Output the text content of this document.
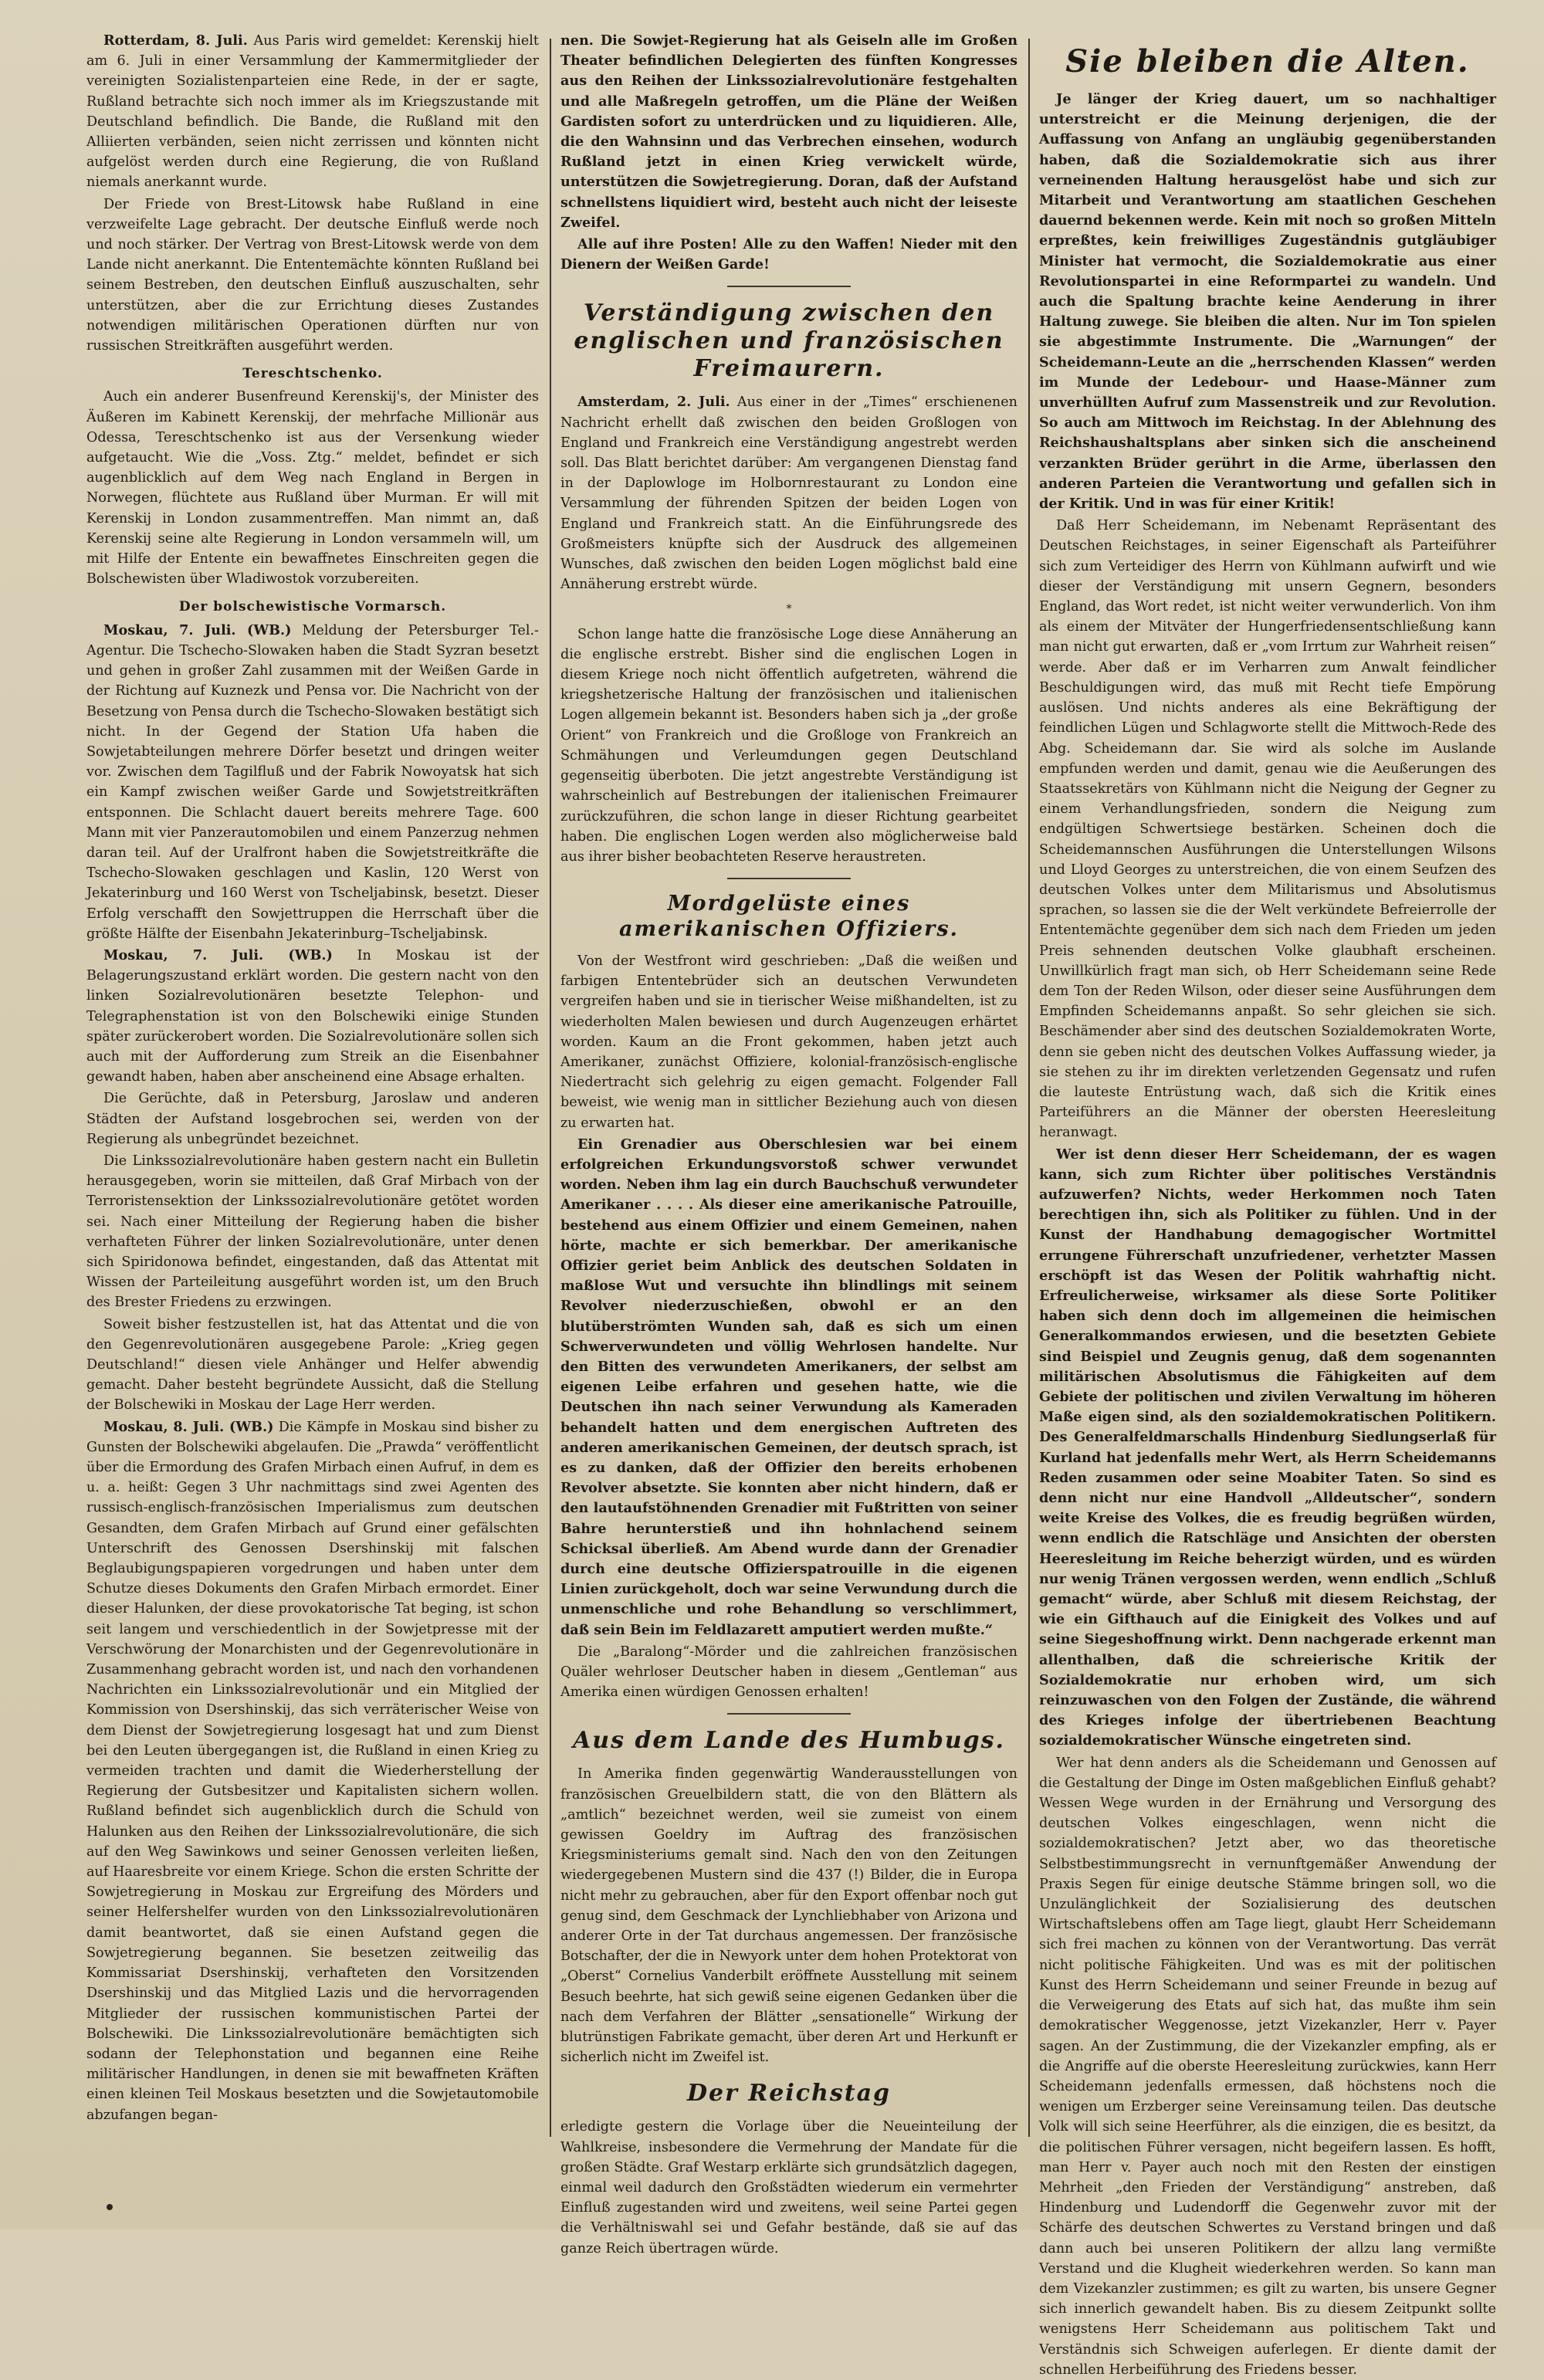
Rotterdam, 8. Juli. Aus Paris wird gemeldet: Kerenskij hielt am 6. Juli in einer Versammlung der Kammermitglieder der vereinigten Sozialistenparteien eine Rede, in der er sagte, Rußland betrachte sich noch immer als im Kriegszustande mit Deutschland befindlich. Die Bande, die Rußland mit den Alliierten verbänden, seien nicht zerrissen und könnten nicht aufgelöst werden durch eine Regierung, die von Rußland niemals anerkannt wurde.

Der Friede von Brest-Litowsk habe Rußland in eine verzweifelte Lage gebracht. Der deutsche Einfluß werde noch und noch stärker. Der Vertrag von Brest-Litowsk werde von dem Lande nicht anerkannt. Die Ententemächte könnten Rußland bei seinem Bestreben, den deutschen Einfluß auszuschalten, sehr unterstützen, aber die zur Errichtung dieses Zustandes notwendigen militärischen Operationen dürften nur von russischen Streitkräften ausgeführt werden.

Tereschtschenko.

Auch ein anderer Busenfreund Kerenskij's, der Minister des Äußeren im Kabinett Kerenskij, der mehrfache Millionär aus Odessa, Tereschtschenko ist aus der Versenkung wieder aufgetaucht. Wie die „Voss. Ztg.“ meldet, befindet er sich augenblicklich auf dem Weg nach England in Bergen in Norwegen, flüchtete aus Rußland über Murman. Er will mit Kerenskij in London zusammentreffen. Man nimmt an, daß Kerenskij seine alte Regierung in London versammeln will, um mit Hilfe der Entente ein bewaffnetes Einschreiten gegen die Bolschewisten über Wladiwostok vorzubereiten.

Der bolschewistische Vormarsch.

Moskau, 7. Juli. (WB.) Meldung der Petersburger Tel.-Agentur. Die Tschecho-Slowaken haben die Stadt Syzran besetzt und gehen in großer Zahl zusammen mit der Weißen Garde in der Richtung auf Kuznezk und Pensa vor. Die Nachricht von der Besetzung von Pensa durch die Tschecho-Slowaken bestätigt sich nicht. In der Gegend der Station Ufa haben die Sowjetabteilungen mehrere Dörfer besetzt und dringen weiter vor. Zwischen dem Tagilfluß und der Fabrik Nowoyatsk hat sich ein Kampf zwischen weißer Garde und Sowjetstreitkräften entsponnen. Die Schlacht dauert bereits mehrere Tage. 600 Mann mit vier Panzerautomobilen und einem Panzerzug nehmen daran teil. Auf der Uralfront haben die Sowjetstreitkräfte die Tschecho-Slowaken geschlagen und Kaslin, 120 Werst von Jekaterinburg und 160 Werst von Tscheljabinsk, besetzt. Dieser Erfolg verschafft den Sowjettruppen die Herrschaft über die größte Hälfte der Eisenbahn Jekaterinburg–Tscheljabinsk.

Moskau, 7. Juli. (WB.) In Moskau ist der Belagerungszustand erklärt worden. Die gestern nacht von den linken Sozialrevolutionären besetzte Telephon- und Telegraphenstation ist von den Bolschewiki einige Stunden später zurückerobert worden. Die Sozialrevolutionäre sollen sich auch mit der Aufforderung zum Streik an die Eisenbahner gewandt haben, haben aber anscheinend eine Absage erhalten.

Die Gerüchte, daß in Petersburg, Jaroslaw und anderen Städten der Aufstand losgebrochen sei, werden von der Regierung als unbegründet bezeichnet.

Die Linkssozialrevolutionäre haben gestern nacht ein Bulletin herausgegeben, worin sie mitteilen, daß Graf Mirbach von der Terroristensektion der Linkssozialrevolutionäre getötet worden sei. Nach einer Mitteilung der Regierung haben die bisher verhafteten Führer der linken Sozialrevolutionäre, unter denen sich Spiridonowa befindet, eingestanden, daß das Attentat mit Wissen der Parteileitung ausgeführt worden ist, um den Bruch des Brester Friedens zu erzwingen.

Soweit bisher festzustellen ist, hat das Attentat und die von den Gegenrevolutionären ausgegebene Parole: „Krieg gegen Deutschland!“ diesen viele Anhänger und Helfer abwendig gemacht. Daher besteht begründete Aussicht, daß die Stellung der Bolschewiki in Moskau der Lage Herr werden.

Moskau, 8. Juli. (WB.) Die Kämpfe in Moskau sind bisher zu Gunsten der Bolschewiki abgelaufen. Die „Prawda“ veröffentlicht über die Ermordung des Grafen Mirbach einen Aufruf, in dem es u. a. heißt: Gegen 3 Uhr nachmittags sind zwei Agenten des russisch-englisch-französischen Imperialismus zum deutschen Gesandten, dem Grafen Mirbach auf Grund einer gefälschten Unterschrift des Genossen Dsershinskij mit falschen Beglaubigungspapieren vorgedrungen und haben unter dem Schutze dieses Dokuments den Grafen Mirbach ermordet. Einer dieser Halunken, der diese provokatorische Tat beging, ist schon seit langem und verschiedentlich in der Sowjetpresse mit der Verschwörung der Monarchisten und der Gegenrevolutionäre in Zusammenhang gebracht worden ist, und nach den vorhandenen Nachrichten ein Linkssozialrevolutionär und ein Mitglied der Kommission von Dsershinskij, das sich verräterischer Weise von dem Dienst der Sowjetregierung losgesagt hat und zum Dienst bei den Leuten übergegangen ist, die Rußland in einen Krieg zu vermeiden trachten und damit die Wiederherstellung der Regierung der Gutsbesitzer und Kapitalisten sichern wollen. Rußland befindet sich augenblicklich durch die Schuld von Halunken aus den Reihen der Linkssozialrevolutionäre, die sich auf den Weg Sawinkows und seiner Genossen verleiten ließen, auf Haaresbreite vor einem Kriege. Schon die ersten Schritte der Sowjetregierung in Moskau zur Ergreifung des Mörders und seiner Helfershelfer wurden von den Linkssozialrevolutionären damit beantwortet, daß sie einen Aufstand gegen die Sowjetregierung begannen. Sie besetzen zeitweilig das Kommissariat Dsershinskij, verhafteten den Vorsitzenden Dsershinskij und das Mitglied Lazis und die hervorragenden Mitglieder der russischen kommunistischen Partei der Bolschewiki. Die Linkssozialrevolutionäre bemächtigten sich sodann der Telephonstation und begannen eine Reihe militärischer Handlungen, in denen sie mit bewaffneten Kräften einen kleinen Teil Moskaus besetzten und die Sowjetautomobile abzufangen began-

nen. Die Sowjet-Regierung hat als Geiseln alle im Großen Theater befindlichen Delegierten des fünften Kongresses aus den Reihen der Linkssozialrevolutionäre festgehalten und alle Maßregeln getroffen, um die Pläne der Weißen Gardisten sofort zu unterdrücken und zu liquidieren. Alle, die den Wahnsinn und das Verbrechen einsehen, wodurch Rußland jetzt in einen Krieg verwickelt würde, unterstützen die Sowjetregierung. Doran, daß der Aufstand schnellstens liquidiert wird, besteht auch nicht der leiseste Zweifel.

Alle auf ihre Posten! Alle zu den Waffen! Nieder mit den Dienern der Weißen Garde!

Verständigung zwischen den englischen und französischen Freimaurern.

Amsterdam, 2. Juli. Aus einer in der „Times“ erschienenen Nachricht erhellt daß zwischen den beiden Großlogen von England und Frankreich eine Verständigung angestrebt werden soll. Das Blatt berichtet darüber: Am vergangenen Dienstag fand in der Daplowloge im Holbornrestaurant zu London eine Versammlung der führenden Spitzen der beiden Logen von England und Frankreich statt. An die Einführungsrede des Großmeisters knüpfte sich der Ausdruck des allgemeinen Wunsches, daß zwischen den beiden Logen möglichst bald eine Annäherung erstrebt würde.

*

Schon lange hatte die französische Loge diese Annäherung an die englische erstrebt. Bisher sind die englischen Logen in diesem Kriege noch nicht öffentlich aufgetreten, während die kriegshetzerische Haltung der französischen und italienischen Logen allgemein bekannt ist. Besonders haben sich ja „der große Orient“ von Frankreich und die Großloge von Frankreich an Schmähungen und Verleumdungen gegen Deutschland gegenseitig überboten. Die jetzt angestrebte Verständigung ist wahrscheinlich auf Bestrebungen der italienischen Freimaurer zurückzuführen, die schon lange in dieser Richtung gearbeitet haben. Die englischen Logen werden also möglicherweise bald aus ihrer bisher beobachteten Reserve heraustreten.

Mordgelüste eines amerikanischen Offiziers.

Von der Westfront wird geschrieben: „Daß die weißen und farbigen Ententebrüder sich an deutschen Verwundeten vergreifen haben und sie in tierischer Weise mißhandelten, ist zu wiederholten Malen bewiesen und durch Augenzeugen erhärtet worden. Kaum an die Front gekommen, haben jetzt auch Amerikaner, zunächst Offiziere, kolonial-französisch-englische Niedertracht sich gelehrig zu eigen gemacht. Folgender Fall beweist, wie wenig man in sittlicher Beziehung auch von diesen zu erwarten hat.

Ein Grenadier aus Oberschlesien war bei einem erfolgreichen Erkundungsvorstoß schwer verwundet worden. Neben ihm lag ein durch Bauchschuß verwundeter Amerikaner . . . . Als dieser eine amerikanische Patrouille, bestehend aus einem Offizier und einem Gemeinen, nahen hörte, machte er sich bemerkbar. Der amerikanische Offizier geriet beim Anblick des deutschen Soldaten in maßlose Wut und versuchte ihn blindlings mit seinem Revolver niederzuschießen, obwohl er an den blutüberströmten Wunden sah, daß es sich um einen Schwerverwundeten und völlig Wehrlosen handelte. Nur den Bitten des verwundeten Amerikaners, der selbst am eigenen Leibe erfahren und gesehen hatte, wie die Deutschen ihn nach seiner Verwundung als Kameraden behandelt hatten und dem energischen Auftreten des anderen amerikanischen Gemeinen, der deutsch sprach, ist es zu danken, daß der Offizier den bereits erhobenen Revolver absetzte. Sie konnten aber nicht hindern, daß er den lautaufstöhnenden Grenadier mit Fußtritten von seiner Bahre herunterstieß und ihn hohnlachend seinem Schicksal überließ. Am Abend wurde dann der Grenadier durch eine deutsche Offizierspatrouille in die eigenen Linien zurückgeholt, doch war seine Verwundung durch die unmenschliche und rohe Behandlung so verschlimmert, daß sein Bein im Feldlazarett amputiert werden mußte.“

Die „Baralong“-Mörder und die zahlreichen französischen Quäler wehrloser Deutscher haben in diesem „Gentleman“ aus Amerika einen würdigen Genossen erhalten!

Aus dem Lande des Humbugs.

In Amerika finden gegenwärtig Wanderausstellungen von französischen Greuelbildern statt, die von den Blättern als „amtlich“ bezeichnet werden, weil sie zumeist von einem gewissen Goeldry im Auftrag des französischen Kriegsministeriums gemalt sind. Nach den von den Zeitungen wiedergegebenen Mustern sind die 437 (!) Bilder, die in Europa nicht mehr zu gebrauchen, aber für den Export offenbar noch gut genug sind, dem Geschmack der Lynchliebhaber von Arizona und anderer Orte in der Tat durchaus angemessen. Der französische Botschafter, der die in Newyork unter dem hohen Protektorat von „Oberst“ Cornelius Vanderbilt eröffnete Ausstellung mit seinem Besuch beehrte, hat sich gewiß seine eigenen Gedanken über die nach dem Verfahren der Blätter „sensationelle“ Wirkung der blutrünstigen Fabrikate gemacht, über deren Art und Herkunft er sicherlich nicht im Zweifel ist.

Der Reichstag

erledigte gestern die Vorlage über die Neueinteilung der Wahlkreise, insbesondere die Vermehrung der Mandate für die großen Städte. Graf Westarp erklärte sich grundsätzlich dagegen, einmal weil dadurch den Großstädten wiederum ein vermehrter Einfluß zugestanden wird und zweitens, weil seine Partei gegen die Verhältniswahl sei und Gefahr bestände, daß sie auf das ganze Reich übertragen würde.

Sie bleiben die Alten.

Je länger der Krieg dauert, um so nachhaltiger unterstreicht er die Meinung derjenigen, die der Auffassung von Anfang an ungläubig gegenüberstanden haben, daß die Sozialdemokratie sich aus ihrer verneinenden Haltung herausgelöst habe und sich zur Mitarbeit und Verantwortung am staatlichen Geschehen dauernd bekennen werde. Kein mit noch so großen Mitteln erpreßtes, kein freiwilliges Zugeständnis gutgläubiger Minister hat vermocht, die Sozialdemokratie aus einer Revolutionspartei in eine Reformpartei zu wandeln. Und auch die Spaltung brachte keine Aenderung in ihrer Haltung zuwege. Sie bleiben die alten. Nur im Ton spielen sie abgestimmte Instrumente. Die „Warnungen“ der Scheidemann-Leute an die „herrschenden Klassen“ werden im Munde der Ledebour- und Haase-Männer zum unverhüllten Aufruf zum Massenstreik und zur Revolution. So auch am Mittwoch im Reichstag. In der Ablehnung des Reichshaushaltsplans aber sinken sich die anscheinend verzankten Brüder gerührt in die Arme, überlassen den anderen Parteien die Verantwortung und gefallen sich in der Kritik. Und in was für einer Kritik!

Daß Herr Scheidemann, im Nebenamt Repräsentant des Deutschen Reichstages, in seiner Eigenschaft als Parteiführer sich zum Verteidiger des Herrn von Kühlmann aufwirft und wie dieser der Verständigung mit unsern Gegnern, besonders England, das Wort redet, ist nicht weiter verwunderlich. Von ihm als einem der Mitväter der Hungerfriedensentschließung kann man nicht gut erwarten, daß er „vom Irrtum zur Wahrheit reisen“ werde. Aber daß er im Verharren zum Anwalt feindlicher Beschuldigungen wird, das muß mit Recht tiefe Empörung auslösen. Und nichts anderes als eine Bekräftigung der feindlichen Lügen und Schlagworte stellt die Mittwoch-Rede des Abg. Scheidemann dar. Sie wird als solche im Auslande empfunden werden und damit, genau wie die Aeußerungen des Staatssekretärs von Kühlmann nicht die Neigung der Gegner zu einem Verhandlungsfrieden, sondern die Neigung zum endgültigen Schwertsiege bestärken. Scheinen doch die Scheidemannschen Ausführungen die Unterstellungen Wilsons und Lloyd Georges zu unterstreichen, die von einem Seufzen des deutschen Volkes unter dem Militarismus und Absolutismus sprachen, so lassen sie die der Welt verkündete Befreierrolle der Ententemächte gegenüber dem sich nach dem Frieden um jeden Preis sehnenden deutschen Volke glaubhaft erscheinen. Unwillkürlich fragt man sich, ob Herr Scheidemann seine Rede dem Ton der Reden Wilson, oder dieser seine Ausführungen dem Empfinden Scheidemanns anpaßt. So sehr gleichen sie sich. Beschämender aber sind des deutschen Sozialdemokraten Worte, denn sie geben nicht des deutschen Volkes Auffassung wieder, ja sie stehen zu ihr im direkten verletzenden Gegensatz und rufen die lauteste Entrüstung wach, daß sich die Kritik eines Parteiführers an die Männer der obersten Heeresleitung heranwagt.

Wer ist denn dieser Herr Scheidemann, der es wagen kann, sich zum Richter über politisches Verständnis aufzuwerfen? Nichts, weder Herkommen noch Taten berechtigen ihn, sich als Politiker zu fühlen. Und in der Kunst der Handhabung demagogischer Wortmittel errungene Führerschaft unzufriedener, verhetzter Massen erschöpft ist das Wesen der Politik wahrhaftig nicht. Erfreulicherweise, wirksamer als diese Sorte Politiker haben sich denn doch im allgemeinen die heimischen Generalkommandos erwiesen, und die besetzten Gebiete sind Beispiel und Zeugnis genug, daß dem sogenannten militärischen Absolutismus die Fähigkeiten auf dem Gebiete der politischen und zivilen Verwaltung im höheren Maße eigen sind, als den sozialdemokratischen Politikern. Des Generalfeldmarschalls Hindenburg Siedlungserlaß für Kurland hat jedenfalls mehr Wert, als Herrn Scheidemanns Reden zusammen oder seine Moabiter Taten. So sind es denn nicht nur eine Handvoll „Alldeutscher“, sondern weite Kreise des Volkes, die es freudig begrüßen würden, wenn endlich die Ratschläge und Ansichten der obersten Heeresleitung im Reiche beherzigt würden, und es würden nur wenig Tränen vergossen werden, wenn endlich „Schluß gemacht“ würde, aber Schluß mit diesem Reichstag, der wie ein Gifthauch auf die Einigkeit des Volkes und auf seine Siegeshoffnung wirkt. Denn nachgerade erkennt man allenthalben, daß die schreierische Kritik der Sozialdemokratie nur erhoben wird, um sich reinzuwaschen von den Folgen der Zustände, die während des Krieges infolge der übertriebenen Beachtung sozialdemokratischer Wünsche eingetreten sind.

Wer hat denn anders als die Scheidemann und Genossen auf die Gestaltung der Dinge im Osten maßgeblichen Einfluß gehabt? Wessen Wege wurden in der Ernährung und Versorgung des deutschen Volkes eingeschlagen, wenn nicht die sozialdemokratischen? Jetzt aber, wo das theoretische Selbstbestimmungsrecht in vernunftgemäßer Anwendung der Praxis Segen für einige deutsche Stämme bringen soll, wo die Unzulänglichkeit der Sozialisierung des deutschen Wirtschaftslebens offen am Tage liegt, glaubt Herr Scheidemann sich frei machen zu können von der Verantwortung. Das verrät nicht politische Fähigkeiten. Und was es mit der politischen Kunst des Herrn Scheidemann und seiner Freunde in bezug auf die Verweigerung des Etats auf sich hat, das mußte ihm sein demokratischer Weggenosse, jetzt Vizekanzler, Herr v. Payer sagen. An der Zustimmung, die der Vizekanzler empfing, als er die Angriffe auf die oberste Heeresleitung zurückwies, kann Herr Scheidemann jedenfalls ermessen, daß höchstens noch die wenigen um Erzberger seine Vereinsamung teilen. Das deutsche Volk will sich seine Heerführer, als die einzigen, die es besitzt, da die politischen Führer versagen, nicht begeifern lassen. Es hofft, man Herr v. Payer auch noch mit den Resten der einstigen Mehrheit „den Frieden der Verständigung“ anstreben, daß Hindenburg und Ludendorff die Gegenwehr zuvor mit der Schärfe des deutschen Schwertes zu Verstand bringen und daß dann auch bei unseren Politikern der allzu lang vermißte Verstand und die Klugheit wiederkehren werden. So kann man dem Vizekanzler zustimmen; es gilt zu warten, bis unsere Gegner sich innerlich gewandelt haben. Bis zu diesem Zeitpunkt sollte wenigstens Herr Scheidemann aus politischem Takt und Verständnis sich Schweigen auferlegen. Er diente damit der schnellen Herbeiführung des Friedens besser.
